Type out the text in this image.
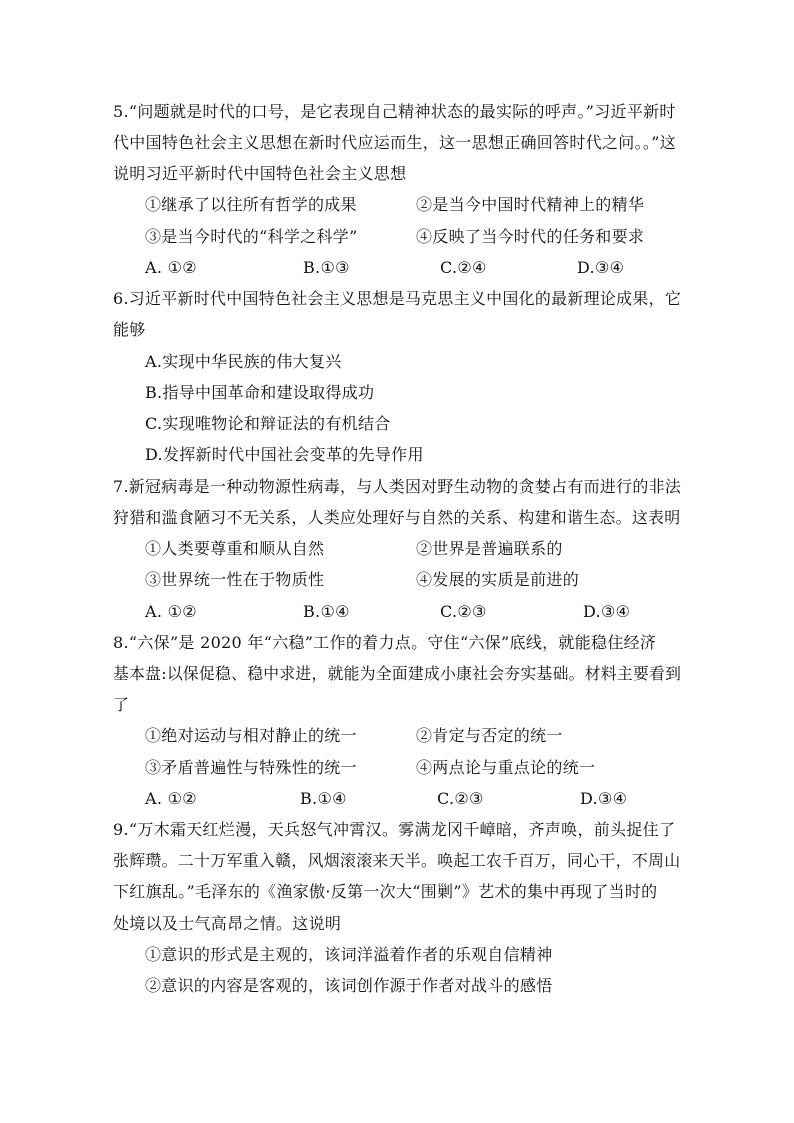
5.“问题就是时代的口号，是它表现自己精神状态的最实际的呼声。”习近平新时
代中国特色社会主义思想在新时代应运而生，这一思想正确回答时代之问。。”这
说明习近平新时代中国特色社会主义思想
①继承了以往所有哲学的成果	②是当今中国时代精神上的精华
③是当今时代的“科学之科学”	④反映了当今时代的任务和要求
A. ①②	B.①③	C.②④	D.③④
6.习近平新时代中国特色社会主义思想是马克思主义中国化的最新理论成果，它
能够
A.实现中华民族的伟大复兴
B.指导中国革命和建设取得成功
C.实现唯物论和辩证法的有机结合
D.发挥新时代中国社会变革的先导作用
7.新冠病毒是一种动物源性病毒，与人类因对野生动物的贪婪占有而进行的非法
狩猎和滥食陋习不无关系，人类应处理好与自然的关系、构建和谐生态。这表明
①人类要尊重和顺从自然	②世界是普遍联系的
③世界统一性在于物质性	④发展的实质是前进的
A. ①②	B.①④	C.②③	D.③④
8.“六保”是 2020 年“六稳”工作的着力点。守住“六保”底线，就能稳住经济
基本盘:以保促稳、稳中求进，就能为全面建成小康社会夯实基础。材料主要看到
了
①绝对运动与相对静止的统一	②肯定与否定的统一
③矛盾普遍性与特殊性的统一	④两点论与重点论的统一
A. ①②	B.①④	C.②③	D.③④
9.“万木霜天红烂漫，天兵怒气冲霄汉。雾满龙冈千嶂暗，齐声唤，前头捉住了
张辉瓒。二十万军重入赣，风烟滚滚来天半。唤起工农千百万，同心干，不周山
下红旗乱。”毛泽东的《渔家傲·反第一次大“围剿”》艺术的集中再现了当时的
处境以及士气高昂之情。这说明
①意识的形式是主观的，该词洋溢着作者的乐观自信精神
②意识的内容是客观的，该词创作源于作者对战斗的感悟
